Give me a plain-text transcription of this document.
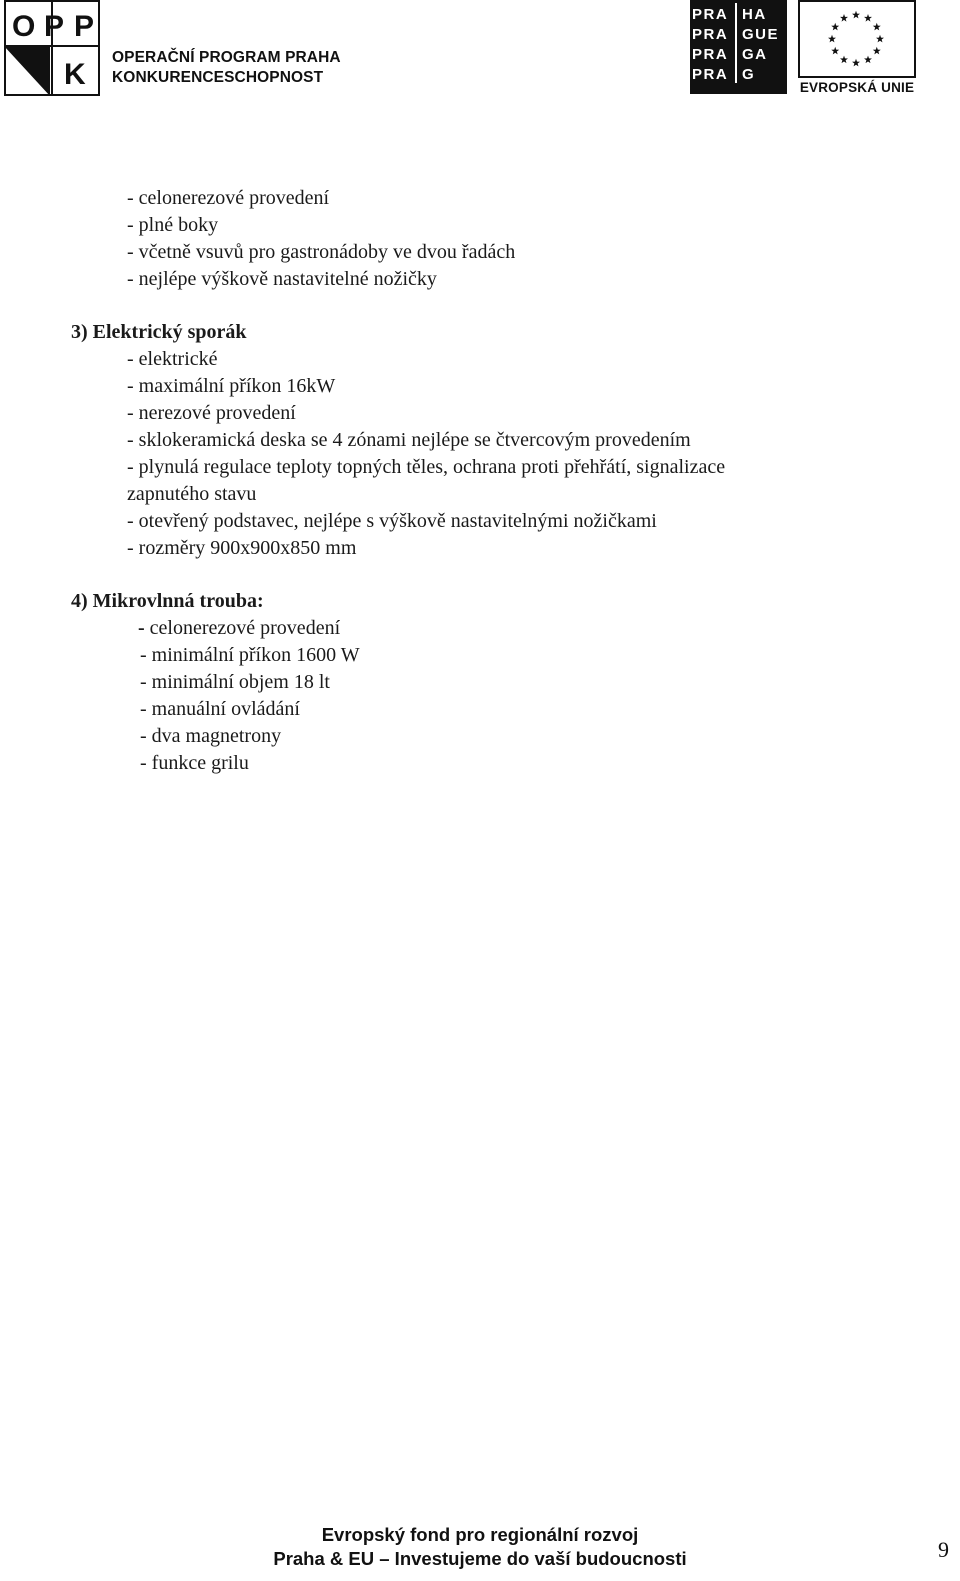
O P P
K
OPERAČNÍ PROGRAM PRAHA
KONKURENCESCHOPNOST
PRA HA
PRA GUE
PRA GA
PRA G
EVROPSKÁ UNIE
- celonerezové provedení
- plné boky
- včetně vsuvů pro gastronádoby ve dvou řadách
- nejlépe výškově nastavitelné nožičky
3) Elektrický sporák
- elektrické
- maximální příkon 16kW
- nerezové provedení
- sklokeramická deska se 4 zónami nejlépe se čtvercovým provedením
- plynulá regulace teploty topných těles, ochrana proti přehřátí, signalizace
zapnutého stavu
- otevřený podstavec, nejlépe s výškově nastavitelnými nožičkami
- rozměry 900x900x850 mm
4) Mikrovlnná trouba:
- celonerezové provedení
- minimální příkon 1600 W
- minimální objem 18 lt
- manuální ovládání
- dva magnetrony
- funkce grilu
Evropský fond pro regionální rozvoj
Praha & EU – Investujeme do vaší budoucnosti	9
